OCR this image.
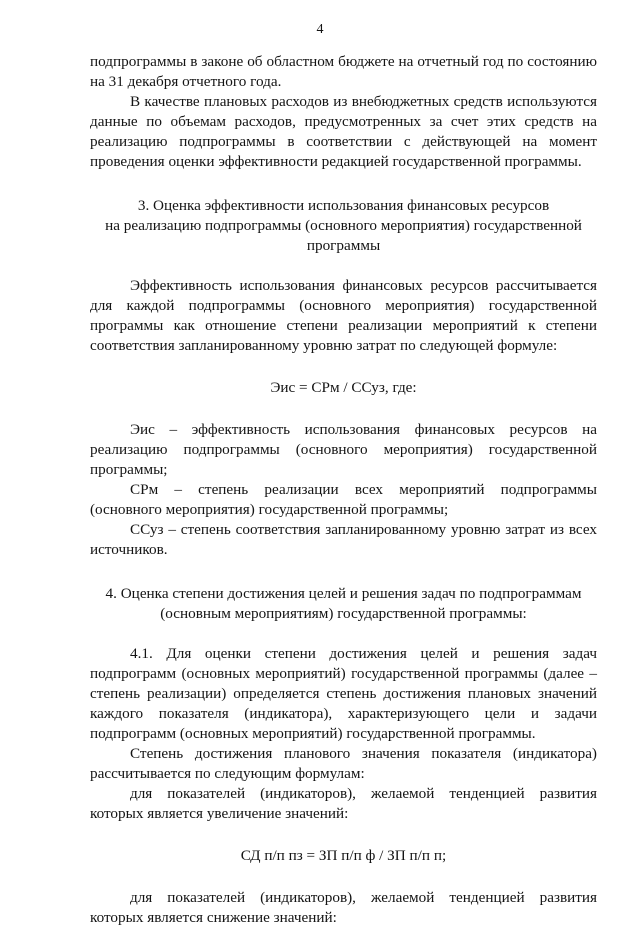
4

подпрограммы в законе об областном бюджете на отчетный год по состоянию на 31 декабря отчетного года.

В качестве плановых расходов из внебюджетных средств используются данные по объемам расходов, предусмотренных за счет этих средств на реализацию подпрограммы в соответствии с действующей на момент проведения оценки эффективности редакцией государственной программы.

3. Оценка эффективности использования финансовых ресурсов
на реализацию подпрограммы (основного мероприятия) государственной
программы

Эффективность использования финансовых ресурсов рассчитывается для каждой подпрограммы (основного мероприятия) государственной программы как отношение степени реализации мероприятий к степени соответствия запланированному уровню затрат по следующей формуле:

Эис = СРм / ССуз, где:

Эис – эффективность использования финансовых ресурсов на реализацию подпрограммы (основного мероприятия) государственной программы;

СРм – степень реализации всех мероприятий подпрограммы (основного мероприятия) государственной программы;

ССуз – степень соответствия запланированному уровню затрат из всех источников.

4. Оценка степени достижения целей и решения задач по подпрограммам
(основным мероприятиям) государственной программы:

4.1. Для оценки степени достижения целей и решения задач подпрограмм (основных мероприятий) государственной программы (далее – степень реализации) определяется степень достижения плановых значений каждого показателя (индикатора), характеризующего цели и задачи подпрограмм (основных мероприятий) государственной программы.

Степень достижения планового значения показателя (индикатора) рассчитывается по следующим формулам:

для показателей (индикаторов), желаемой тенденцией развития которых является увеличение значений:

СД п/п пз = ЗП п/п ф / ЗП п/п п;

для показателей (индикаторов), желаемой тенденцией развития которых является снижение значений:
